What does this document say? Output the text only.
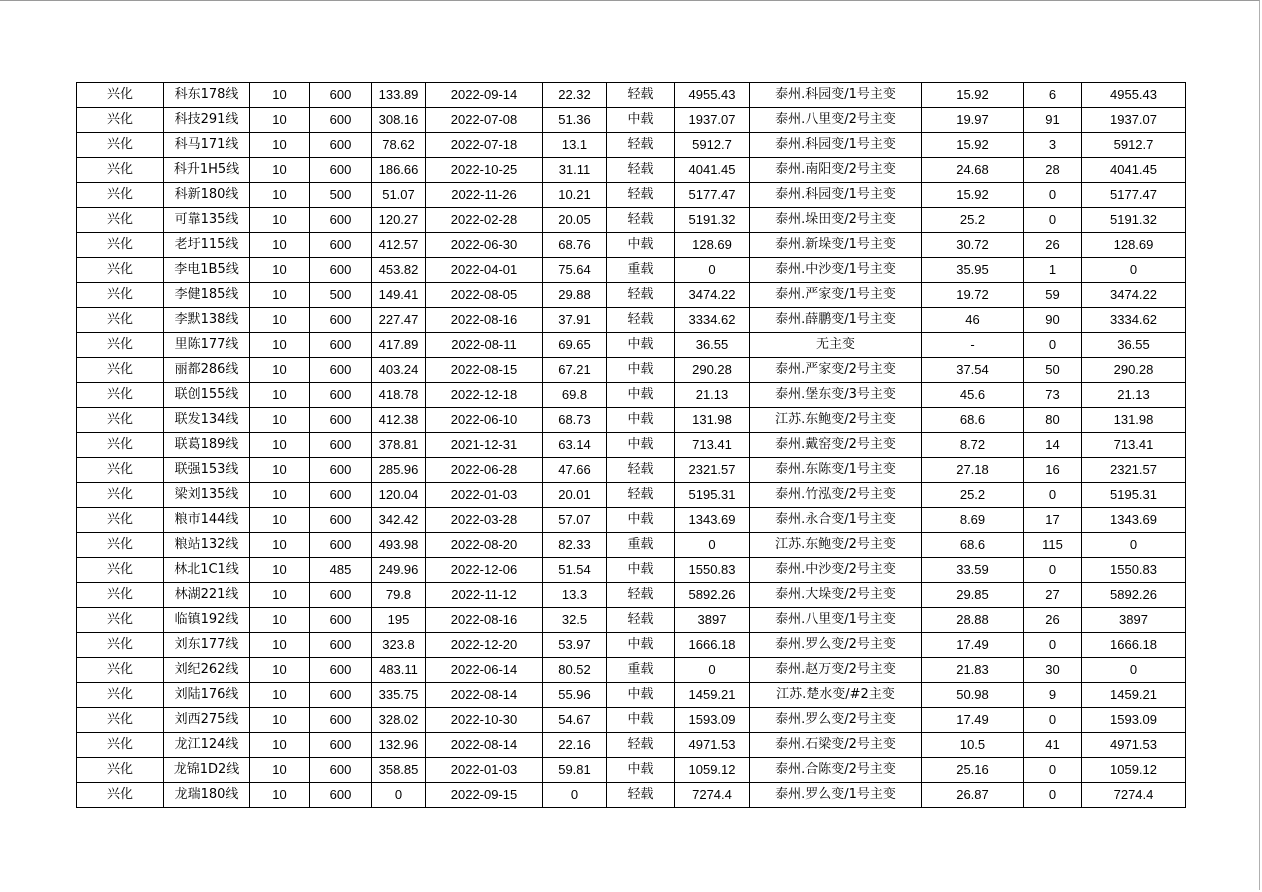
兴化	科东178线	10	600	133.89	2022-09-14	22.32	轻载	4955.43	泰州.科园变/1号主变	15.92	6	4955.43
兴化	科技291线	10	600	308.16	2022-07-08	51.36	中载	1937.07	泰州.八里变/2号主变	19.97	91	1937.07
兴化	科马171线	10	600	78.62	2022-07-18	13.1	轻载	5912.7	泰州.科园变/1号主变	15.92	3	5912.7
兴化	科升1H5线	10	600	186.66	2022-10-25	31.11	轻载	4041.45	泰州.南阳变/2号主变	24.68	28	4041.45
兴化	科新180线	10	500	51.07	2022-11-26	10.21	轻载	5177.47	泰州.科园变/1号主变	15.92	0	5177.47
兴化	可靠135线	10	600	120.27	2022-02-28	20.05	轻载	5191.32	泰州.垛田变/2号主变	25.2	0	5191.32
兴化	老圩115线	10	600	412.57	2022-06-30	68.76	中载	128.69	泰州.新垛变/1号主变	30.72	26	128.69
兴化	李电1B5线	10	600	453.82	2022-04-01	75.64	重载	0	泰州.中沙变/1号主变	35.95	1	0
兴化	李健185线	10	500	149.41	2022-08-05	29.88	轻载	3474.22	泰州.严家变/1号主变	19.72	59	3474.22
兴化	李默138线	10	600	227.47	2022-08-16	37.91	轻载	3334.62	泰州.薛鹏变/1号主变	46	90	3334.62
兴化	里陈177线	10	600	417.89	2022-08-11	69.65	中载	36.55	无主变	-	0	36.55
兴化	丽都286线	10	600	403.24	2022-08-15	67.21	中载	290.28	泰州.严家变/2号主变	37.54	50	290.28
兴化	联创155线	10	600	418.78	2022-12-18	69.8	中载	21.13	泰州.堡东变/3号主变	45.6	73	21.13
兴化	联发134线	10	600	412.38	2022-06-10	68.73	中载	131.98	江苏.东鲍变/2号主变	68.6	80	131.98
兴化	联葛189线	10	600	378.81	2021-12-31	63.14	中载	713.41	泰州.戴窑变/2号主变	8.72	14	713.41
兴化	联强153线	10	600	285.96	2022-06-28	47.66	轻载	2321.57	泰州.东陈变/1号主变	27.18	16	2321.57
兴化	梁刘135线	10	600	120.04	2022-01-03	20.01	轻载	5195.31	泰州.竹泓变/2号主变	25.2	0	5195.31
兴化	粮市144线	10	600	342.42	2022-03-28	57.07	中载	1343.69	泰州.永合变/1号主变	8.69	17	1343.69
兴化	粮站132线	10	600	493.98	2022-08-20	82.33	重载	0	江苏.东鲍变/2号主变	68.6	115	0
兴化	林北1C1线	10	485	249.96	2022-12-06	51.54	中载	1550.83	泰州.中沙变/2号主变	33.59	0	1550.83
兴化	林湖221线	10	600	79.8	2022-11-12	13.3	轻载	5892.26	泰州.大垛变/2号主变	29.85	27	5892.26
兴化	临镇192线	10	600	195	2022-08-16	32.5	轻载	3897	泰州.八里变/1号主变	28.88	26	3897
兴化	刘东177线	10	600	323.8	2022-12-20	53.97	中载	1666.18	泰州.罗么变/2号主变	17.49	0	1666.18
兴化	刘纪262线	10	600	483.11	2022-06-14	80.52	重载	0	泰州.赵万变/2号主变	21.83	30	0
兴化	刘陆176线	10	600	335.75	2022-08-14	55.96	中载	1459.21	江苏.楚水变/#2主变	50.98	9	1459.21
兴化	刘西275线	10	600	328.02	2022-10-30	54.67	中载	1593.09	泰州.罗么变/2号主变	17.49	0	1593.09
兴化	龙江124线	10	600	132.96	2022-08-14	22.16	轻载	4971.53	泰州.石梁变/2号主变	10.5	41	4971.53
兴化	龙锦1D2线	10	600	358.85	2022-01-03	59.81	中载	1059.12	泰州.合陈变/2号主变	25.16	0	1059.12
兴化	龙瑞180线	10	600	0	2022-09-15	0	轻载	7274.4	泰州.罗么变/1号主变	26.87	0	7274.4
